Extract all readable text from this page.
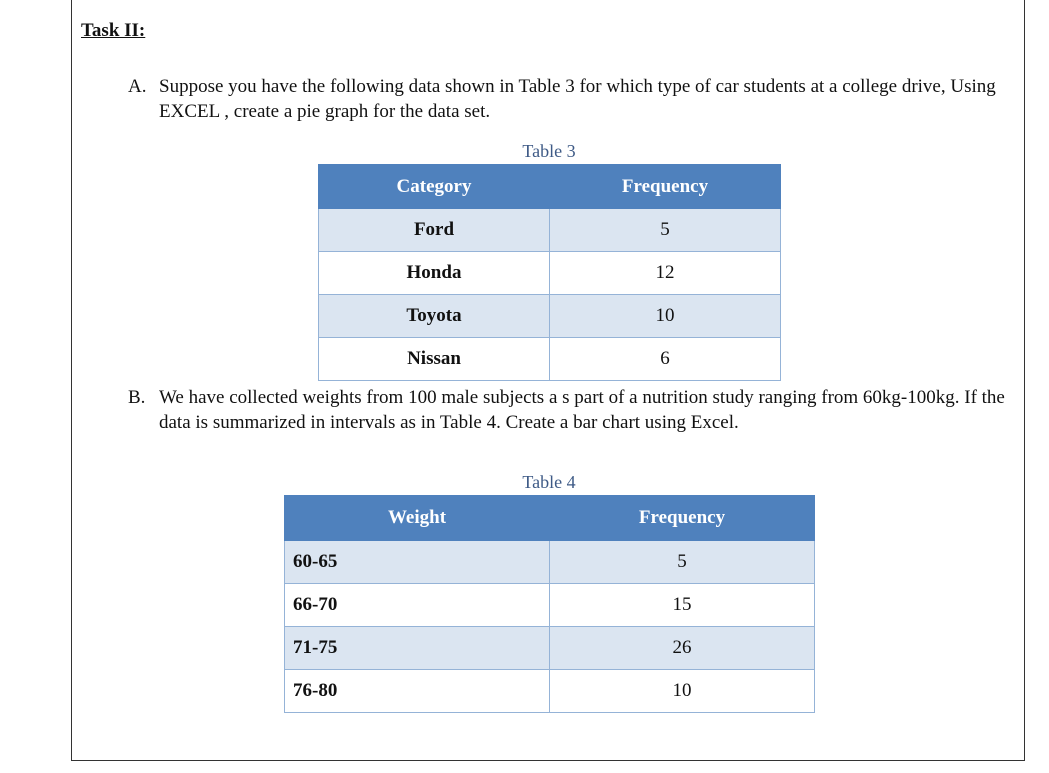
Task II:
A. Suppose you have the following data shown in Table 3 for which type of car students at a college drive, Using EXCEL , create a pie graph for the data set.
Table 3
Category	Frequency
Ford	5
Honda	12
Toyota	10
Nissan	6
B. We have collected weights from 100 male subjects a s part of a nutrition study ranging from 60kg-100kg. If the data is summarized in intervals as in Table 4. Create a bar chart using Excel.
Table 4
Weight	Frequency
60-65	5
66-70	15
71-75	26
76-80	10
